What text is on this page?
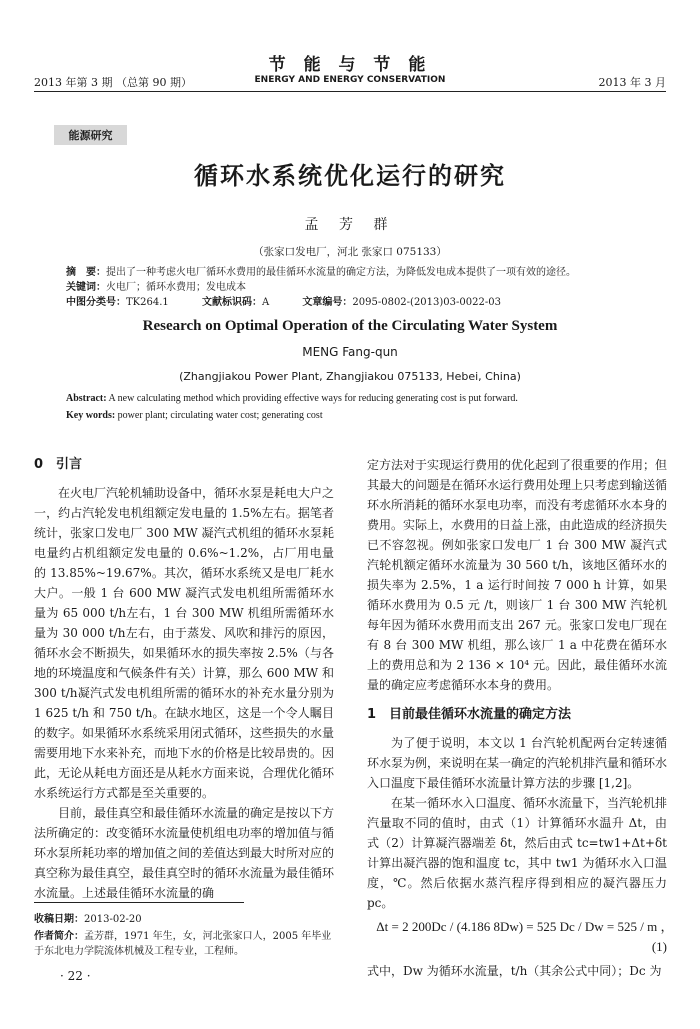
2013 年第 3 期 （总第 90 期）
节 能 与 节 能
ENERGY AND ENERGY CONSERVATION	2013 年 3 月
能源研究
循环水系统优化运行的研究
孟 芳 群
（张家口发电厂，河北 张家口 075133）
摘　要：提出了一种考虑火电厂循环水费用的最佳循环水流量的确定方法，为降低发电成本提供了一项有效的途径。
关键词：火电厂；循环水费用；发电成本
中图分类号：TK264.1	文献标识码：A	文章编号：2095-0802-(2013)03-0022-03
Research on Optimal Operation of the Circulating Water System
MENG Fang-qun
(Zhangjiakou Power Plant, Zhangjiakou 075133, Hebei, China)
Abstract: A new calculating method which providing effective ways for reducing generating cost is put forward.
Key words: power plant; circulating water cost; generating cost
0　引言

在火电厂汽轮机辅助设备中，循环水泵是耗电大户之一，约占汽轮发电机组额定发电量的 1.5%左右。据笔者统计，张家口发电厂 300 MW 凝汽式机组的循环水泵耗电量约占机组额定发电量的 0.6%~1.2%，占厂用电量的 13.85%~19.67%。其次，循环水系统又是电厂耗水大户。一般 1 台 600 MW 凝汽式发电机组所需循环水量为 65 000 t/h左右，1 台 300 MW 机组所需循环水量为 30 000 t/h左右，由于蒸发、风吹和排污的原因，循环水会不断损失，如果循环水的损失率按 2.5%（与各地的环境温度和气候条件有关）计算，那么 600 MW 和 300 t/h凝汽式发电机组所需的循环水的补充水量分别为 1 625 t/h 和 750 t/h。在缺水地区，这是一个令人瞩目的数字。如果循环水系统采用闭式循环，这些损失的水量需要用地下水来补充，而地下水的价格是比较昂贵的。因此，无论从耗电方面还是从耗水方面来说，合理优化循环水系统运行方式都是至关重要的。

目前，最佳真空和最佳循环水流量的确定是按以下方法所确定的：改变循环水流量使机组电功率的增加值与循环水泵所耗功率的增加值之间的差值达到最大时所对应的真空称为最佳真空，最佳真空时的循环水流量为最佳循环水流量。上述最佳循环水流量的确

定方法对于实现运行费用的优化起到了很重要的作用；但其最大的问题是在循环水运行费用处理上只考虑到输送循环水所消耗的循环水泵电功率，而没有考虑循环水本身的费用。实际上，水费用的日益上涨，由此造成的经济损失已不容忽视。例如张家口发电厂 1 台 300 MW 凝汽式汽轮机额定循环水流量为 30 560 t/h，该地区循环水的损失率为 2.5%，1 a 运行时间按 7 000 h 计算，如果循环水费用为 0.5 元 /t，则该厂 1 台 300 MW 汽轮机每年因为循环水费用而支出 267 元。张家口发电厂现在有 8 台 300 MW 机组，那么该厂 1 a 中花费在循环水上的费用总和为 2 136 × 10⁴ 元。因此，最佳循环水流量的确定应考虑循环水本身的费用。

1　目前最佳循环水流量的确定方法

为了便于说明，本文以 1 台汽轮机配两台定转速循环水泵为例，来说明在某一确定的汽轮机排汽量和循环水入口温度下最佳循环水流量计算方法的步骤 [1,2]。

在某一循环水入口温度、循环水流量下，当汽轮机排汽量取不同的值时，由式（1）计算循环水温升 Δt，由式（2）计算凝汽器端差 δt，然后由式 tc=tw1+Δt+δt 计算出凝汽器的饱和温度 tc，其中 tw1 为循环水入口温度，℃。然后依据水蒸汽程序得到相应的凝汽器压力 pc。

Δt = 2 200Dc / (4.186 8Dw) = 525 Dc / Dw = 525 / m ，　(1)

式中，Dw 为循环水流量，t/h（其余公式中同）；Dc 为

收稿日期：2013-02-20
作者简介：孟芳群，1971 年生，女，河北张家口人，2005 年毕业于东北电力学院流体机械及工程专业，工程师。
· 22 ·
